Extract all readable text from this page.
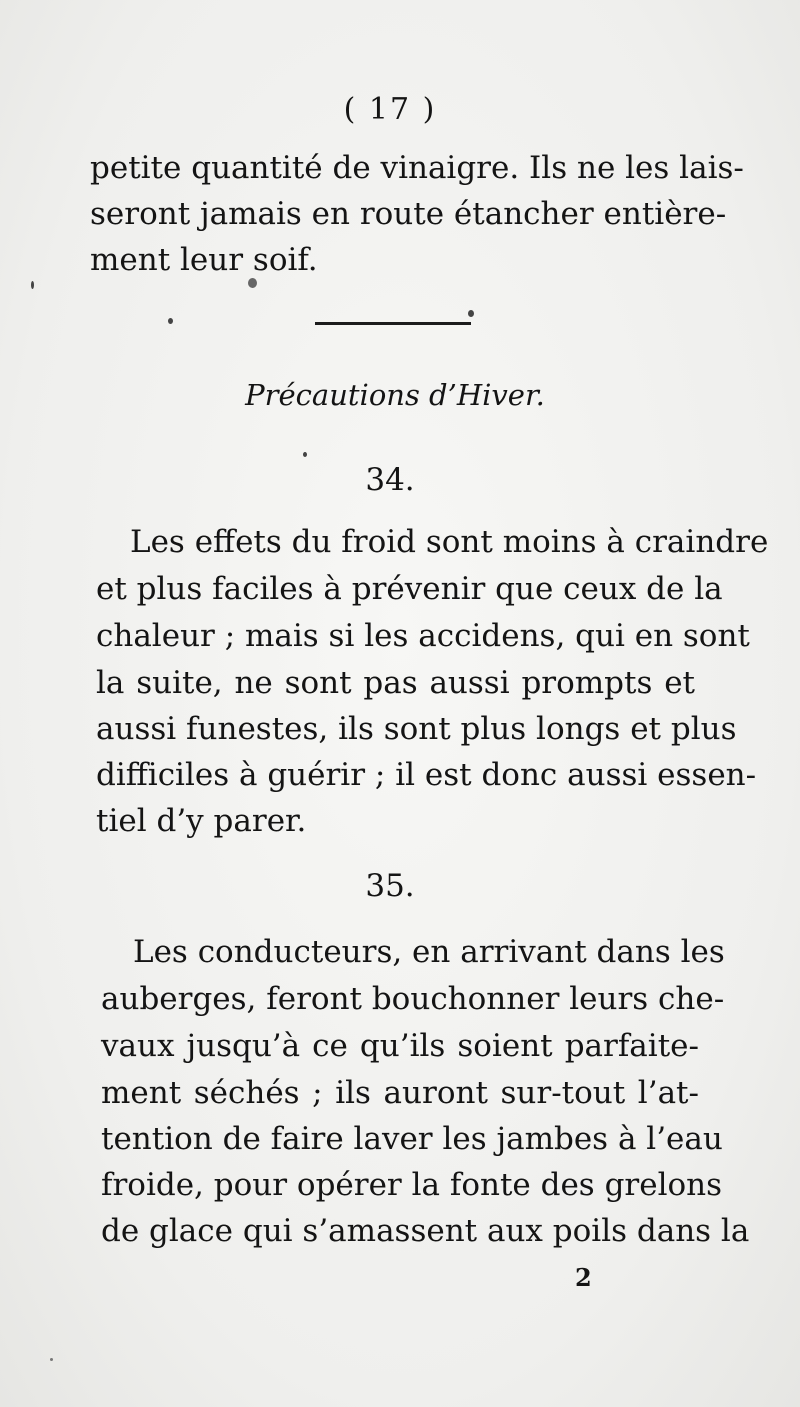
( 17 )
petite quantité de vinaigre. Ils ne les lais-
seront jamais en route étancher entière-
ment leur soif.
Précautions d’Hiver.
34.
Les effets du froid sont moins à craindre
et plus faciles à prévenir que ceux de la
chaleur ; mais si les accidens, qui en sont
la suite, ne sont pas aussi prompts et
aussi funestes, ils sont plus longs et plus
difficiles à guérir ; il est donc aussi essen-
tiel d’y parer.
35.
Les conducteurs, en arrivant dans les
auberges, feront bouchonner leurs che-
vaux jusqu’à ce qu’ils soient parfaite-
ment séchés ; ils auront sur-tout l’at-
tention de faire laver les jambes à l’eau
froide, pour opérer la fonte des grelons
de glace qui s’amassent aux poils dans la
2
